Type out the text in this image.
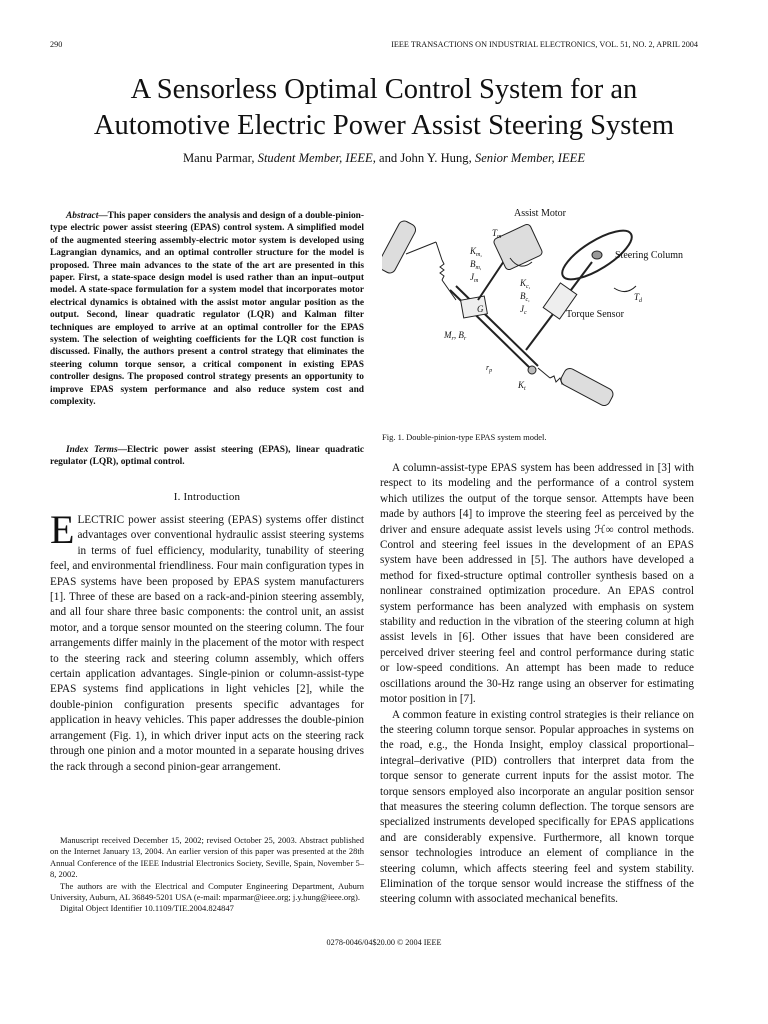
290	IEEE TRANSACTIONS ON INDUSTRIAL ELECTRONICS, VOL. 51, NO. 2, APRIL 2004
A Sensorless Optimal Control System for an
Automotive Electric Power Assist Steering System
Manu Parmar, Student Member, IEEE, and John Y. Hung, Senior Member, IEEE
Abstract—This paper considers the analysis and design of a double-pinion-type electric power assist steering (EPAS) control system. A simplified model of the augmented steering assembly-electric motor system is developed using Lagrangian dynamics, and an optimal controller structure for the model is proposed. Three main advances to the state of the art are presented in this paper. First, a state-space design model is used rather than an input–output model. A state-space formulation for a system model that incorporates motor electrical dynamics is obtained with the assist motor angular position as the output. Second, linear quadratic regulator (LQR) and Kalman filter techniques are employed to arrive at an optimal controller for the EPAS system. The selection of weighting coefficients for the LQR cost function is discussed. Finally, the authors present a control strategy that eliminates the steering column torque sensor, a critical component in existing EPAS controller designs. The proposed control strategy presents an opportunity to improve EPAS system performance and also reduce system cost and complexity.
Index Terms—Electric power assist steering (EPAS), linear quadratic regulator (LQR), optimal control.
I. Introduction
ELECTRIC power assist steering (EPAS) systems offer distinct advantages over conventional hydraulic assist steering systems in terms of fuel efficiency, modularity, tunability of steering feel, and environmental friendliness. Four main configuration types in EPAS systems have been proposed by EPAS system manufacturers [1]. Three of these are based on a rack-and-pinion steering assembly, and all four share three basic components: the control unit, an assist motor, and a torque sensor mounted on the steering column. The four arrangements differ mainly in the placement of the motor with respect to the steering rack and steering column assembly, which offers certain application advantages. Single-pinion or column-assist-type EPAS systems find applications in light vehicles [2], while the double-pinion configuration presents specific advantages for application in heavy vehicles. This paper addresses the double-pinion arrangement (Fig. 1), in which driver input acts on the steering rack through one pinion and a motor mounted in a separate housing drives the rack through a second pinion-gear arrangement.

Manuscript received December 15, 2002; revised October 25, 2003. Abstract published on the Internet January 13, 2004. An earlier version of this paper was presented at the 28th Annual Conference of the IEEE Industrial Electronics Society, Seville, Spain, November 5–8, 2002.

The authors are with the Electrical and Computer Engineering Department, Auburn University, Auburn, AL 36849-5201 USA (e-mail: mparmar@ieee.org; j.y.hung@ieee.org).

Digital Object Identifier 10.1109/TIE.2004.824847

Assist Motor
Steering Column
Torque Sensor
$T_m$
$K_{m,}$
$B_{m,}$
$J_m$	$K_{c,}$
$B_{c,}$
$J_c$
$T_d$
G
$M_r$, $B_r$
$r_p$
$K_t$
Fig. 1. Double-pinion-type EPAS system model.

A column-assist-type EPAS system has been addressed in [3] with respect to its modeling and the performance of a control system which utilizes the output of the torque sensor. Attempts have been made by authors [4] to improve the steering feel as perceived by the driver and ensure adequate assist levels using ℋ∞ control methods. Control and steering feel issues in the development of an EPAS system have been addressed in [5]. The authors have developed a method for fixed-structure optimal controller synthesis based on a nonlinear constrained optimization procedure. An EPAS control system performance has been analyzed with emphasis on system stability and reduction in the vibration of the steering column at high assist levels in [6]. Other issues that have been considered are perceived driver steering feel and control performance during static or low-speed conditions. An attempt has been made to reduce oscillations around the 30-Hz range using an observer for estimating motor position in [7].

A common feature in existing control strategies is their reliance on the steering column torque sensor. Popular approaches in systems on the road, e.g., the Honda Insight, employ classical proportional–integral–derivative (PID) controllers that interpret data from the torque sensor to generate current inputs for the assist motor. The torque sensors employed also incorporate an angular position sensor that measures the steering column deflection. The torque sensors are specialized instruments developed specifically for EPAS applications and are considerably expensive. Furthermore, all known torque sensor technologies introduce an element of compliance in the steering column, which affects steering feel and system stability. Elimination of the torque sensor would increase the stiffness of the steering column with associated mechanical benefits.

0278-0046/04$20.00 © 2004 IEEE
